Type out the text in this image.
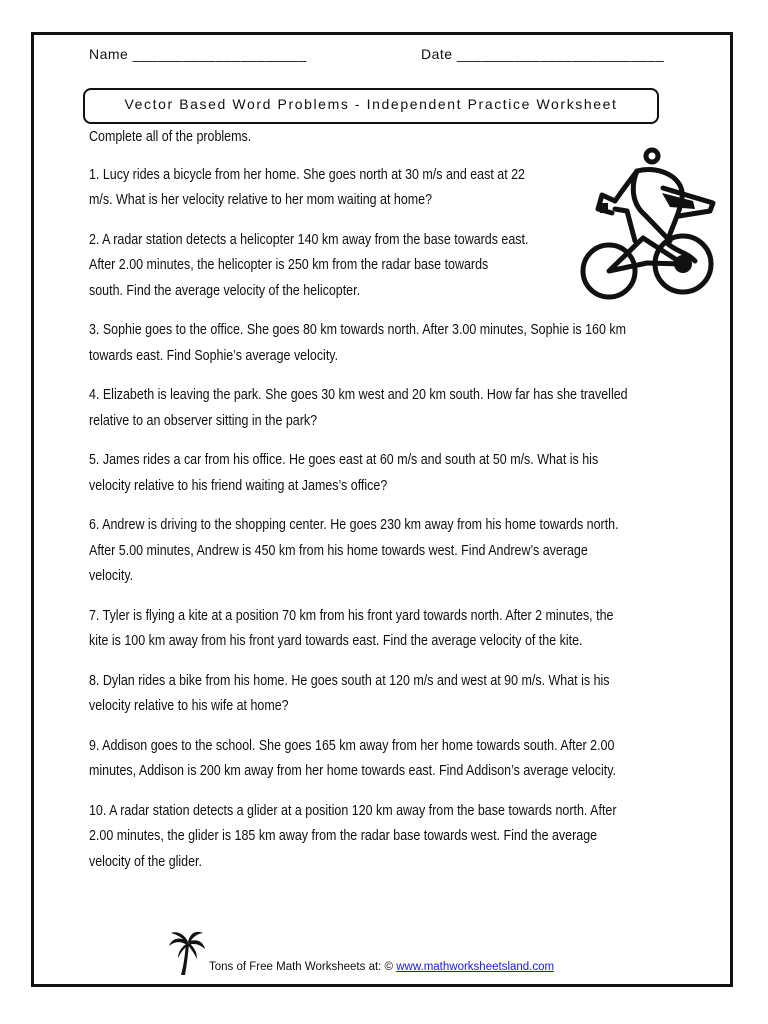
Name _____________________	Date _________________________
Vector Based Word Problems - Independent Practice Worksheet

Complete all of the problems.

1. Lucy rides a bicycle from her home. She goes north at 30 m/s and east at 22
m/s. What is her velocity relative to her mom waiting at home?

2. A radar station detects a helicopter 140 km away from the base towards east.
After 2.00 minutes, the helicopter is 250 km from the radar base towards
south. Find the average velocity of the helicopter.

3. Sophie goes to the office. She goes 80 km towards north. After 3.00 minutes, Sophie is 160 km
towards east. Find Sophie’s average velocity.

4. Elizabeth is leaving the park. She goes 30 km west and 20 km south. How far has she travelled
relative to an observer sitting in the park?

5. James rides a car from his office. He goes east at 60 m/s and south at 50 m/s. What is his
velocity relative to his friend waiting at James’s office?

6. Andrew is driving to the shopping center. He goes 230 km away from his home towards north.
After 5.00 minutes, Andrew is 450 km from his home towards west. Find Andrew’s average
velocity.

7. Tyler is flying a kite at a position 70 km from his front yard towards north. After 2 minutes, the
kite is 100 km away from his front yard towards east. Find the average velocity of the kite.

8. Dylan rides a bike from his home. He goes south at 120 m/s and west at 90 m/s. What is his
velocity relative to his wife at home?

9. Addison goes to the school. She goes 165 km away from her home towards south. After 2.00
minutes, Addison is 200 km away from her home towards east. Find Addison’s average velocity.

10. A radar station detects a glider at a position 120 km away from the base towards north. After
2.00 minutes, the glider is 185 km away from the radar base towards west. Find the average
velocity of the glider.

Tons of Free Math Worksheets at: © www.mathworksheetsland.com
